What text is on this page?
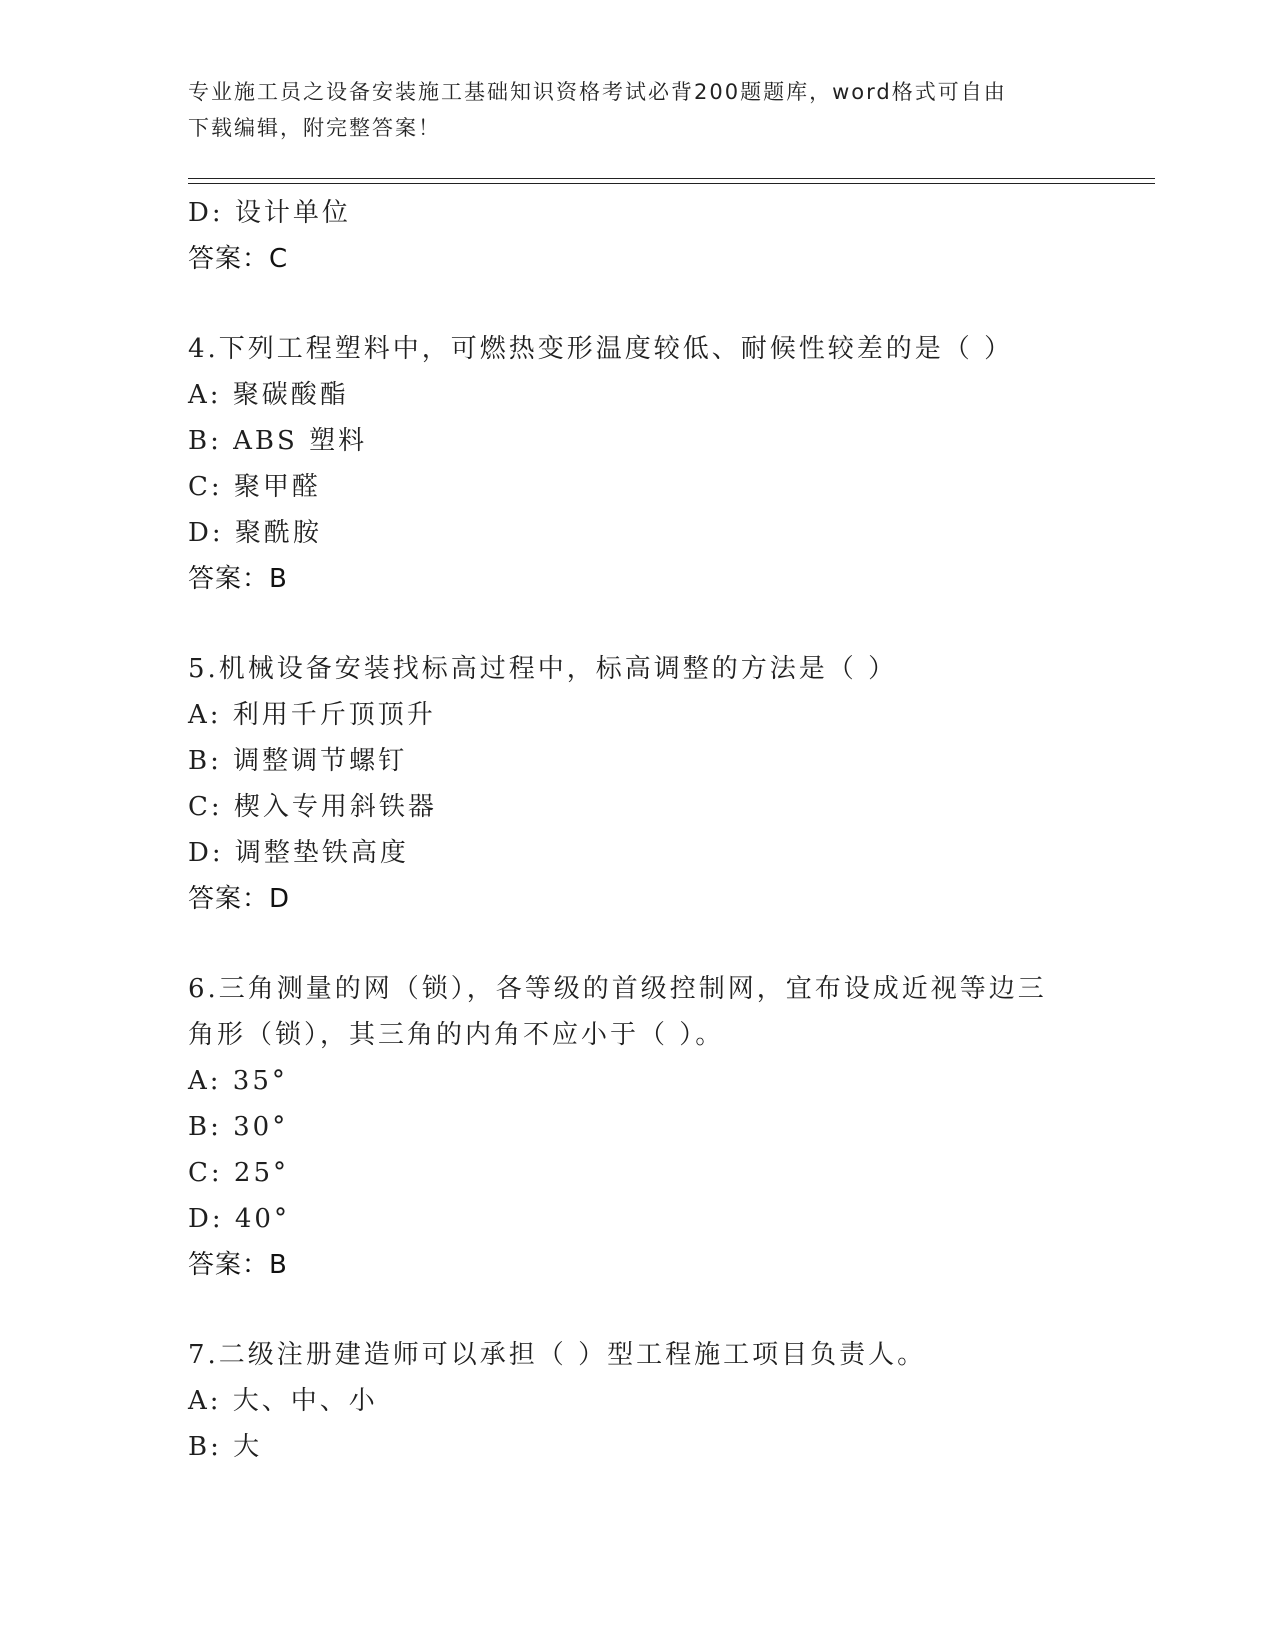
专业施工员之设备安装施工基础知识资格考试必背200题题库，word格式可自由
下载编辑，附完整答案！
D: 设计单位
答案：C
4.下列工程塑料中，可燃热变形温度较低、耐候性较差的是（ ）
A: 聚碳酸酯
B: ABS 塑料
C: 聚甲醛
D: 聚酰胺
答案：B
5.机械设备安装找标高过程中，标高调整的方法是（ ）
A: 利用千斤顶顶升
B: 调整调节螺钉
C: 楔入专用斜铁器
D: 调整垫铁高度
答案：D
6.三角测量的网（锁），各等级的首级控制网，宜布设成近视等边三
角形（锁），其三角的内角不应小于（ ）。
A: 35°
B: 30°
C: 25°
D: 40°
答案：B
7.二级注册建造师可以承担（ ）型工程施工项目负责人。
A: 大、中、小
B: 大
